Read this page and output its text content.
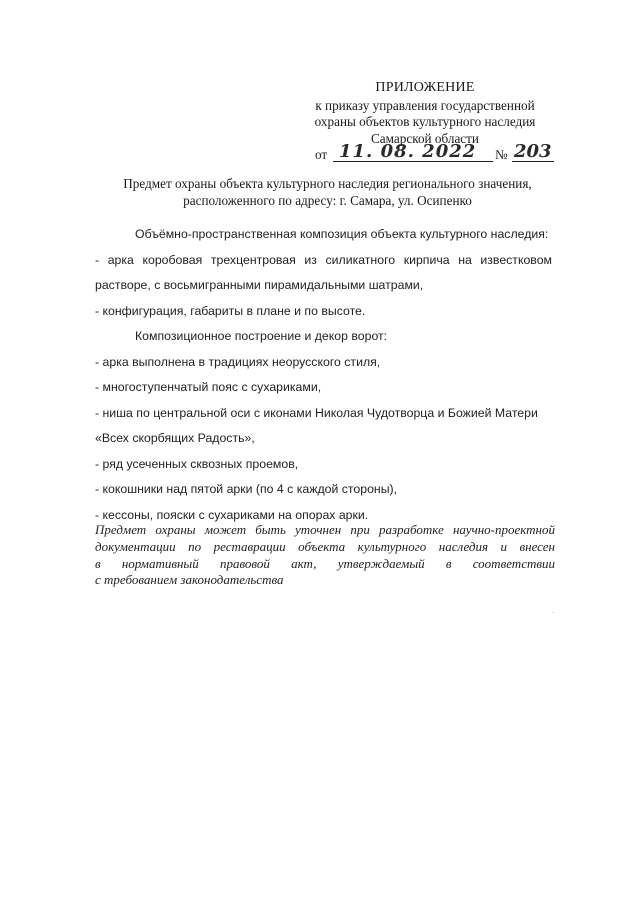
ПРИЛОЖЕНИЕ
к приказу управления государственной
охраны объектов культурного наследия
Самарской области
от 11. 08. 2022 № 203
Предмет охраны объекта культурного наследия регионального значения,
расположенного по адресу: г. Самара, ул. Осипенко
Объёмно-пространственная композиция объекта культурного наследия:
- арка коробовая трехцентровая из силикатного кирпича на известковом
растворе, с восьмигранными пирамидальными шатрами,
- конфигурация, габариты в плане и по высоте.
Композиционное построение и декор ворот:
- арка выполнена в традициях неорусского стиля,
- многоступенчатый пояс с сухариками,
- ниша по центральной оси с иконами Николая Чудотворца и Божией Матери
«Всех скорбящих Радость»,
- ряд усеченных сквозных проемов,
- кокошники над пятой арки (по 4 с каждой стороны),
- кессоны, пояски с сухариками на опорах арки.
Предмет охраны может быть уточнен при разработке научно-проектной
документации по реставрации объекта культурного наследия и внесен
в нормативный правовой акт, утверждаемый в соответствии
с требованием законодательства
